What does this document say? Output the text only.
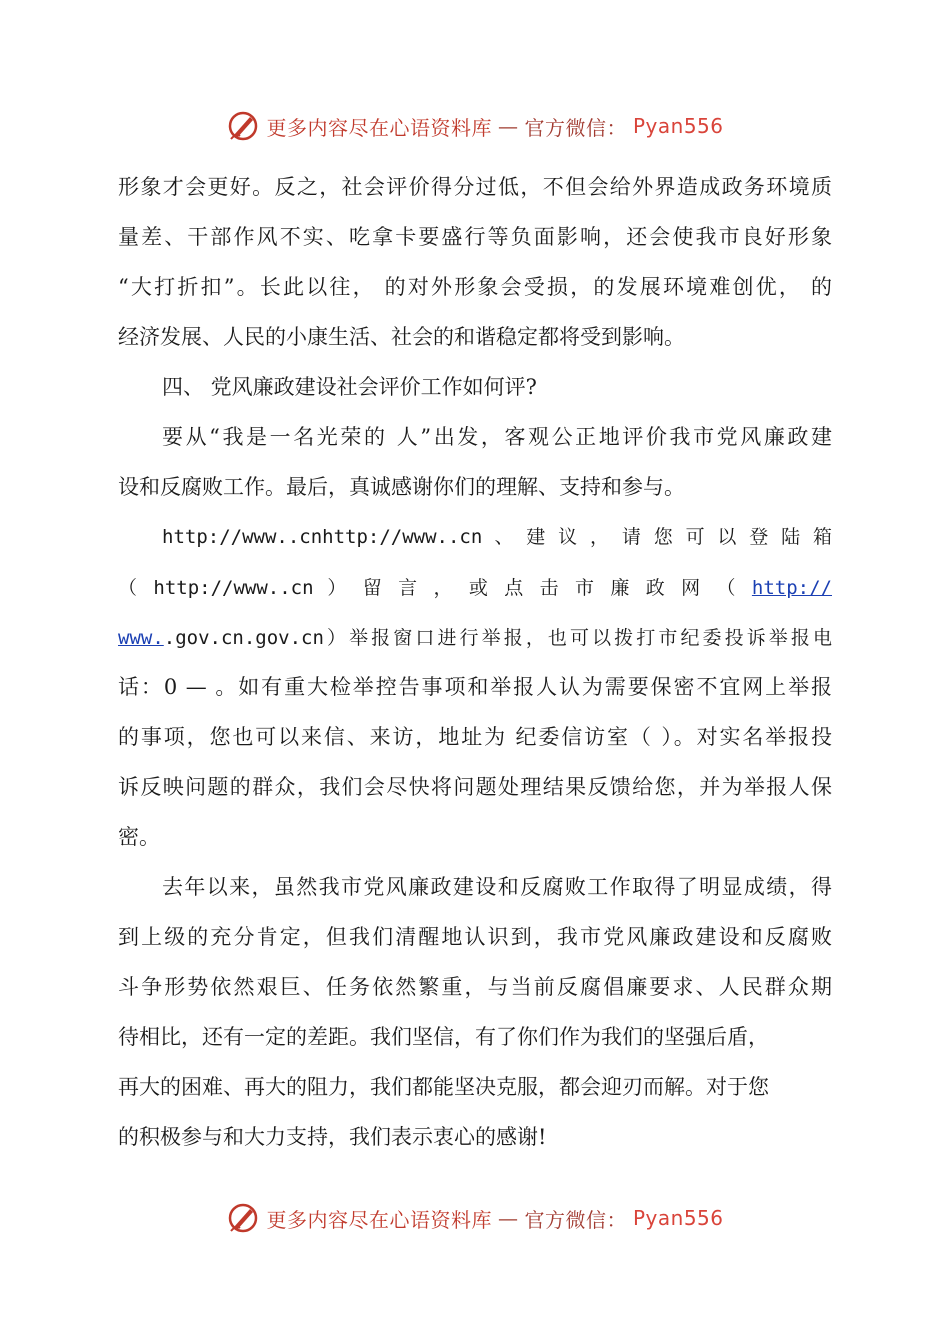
更多内容尽在心语资料库 — 官方微信： Pyan556
形象才会更好。反之，社会评价得分过低，不但会给外界造成政务环境质
量差、干部作风不实、吃拿卡要盛行等负面影响，还会使我市良好形象
“大打折扣”。长此以往， 的对外形象会受损，的发展环境难创优， 的
经济发展、人民的小康生活、社会的和谐稳定都将受到影响。
四、 党风廉政建设社会评价工作如何评?
要从“我是一名光荣的 人”出发，客观公正地评价我市党风廉政建
设和反腐败工作。最后，真诚感谢你们的理解、支持和参与。
http://www..cnhttp://www..cn 、 建 议 ， 请 您 可 以 登 陆 箱
（ http://www..cn ） 留 言 ， 或 点 击 市 廉 政 网 （ http://
www..gov.cn.gov.cn）举报窗口进行举报，也可以拨打市纪委投诉举报电
话：0 — 。如有重大检举控告事项和举报人认为需要保密不宜网上举报
的事项，您也可以来信、来访，地址为 纪委信访室（ ）。对实名举报投
诉反映问题的群众，我们会尽快将问题处理结果反馈给您，并为举报人保
密。
去年以来，虽然我市党风廉政建设和反腐败工作取得了明显成绩，得
到上级的充分肯定，但我们清醒地认识到，我市党风廉政建设和反腐败
斗争形势依然艰巨、任务依然繁重，与当前反腐倡廉要求、人民群众期
待相比，还有一定的差距。我们坚信，有了你们作为我们的坚强后盾，
再大的困难、再大的阻力，我们都能坚决克服，都会迎刃而解。对于您
的积极参与和大力支持，我们表示衷心的感谢!
更多内容尽在心语资料库 — 官方微信： Pyan556
